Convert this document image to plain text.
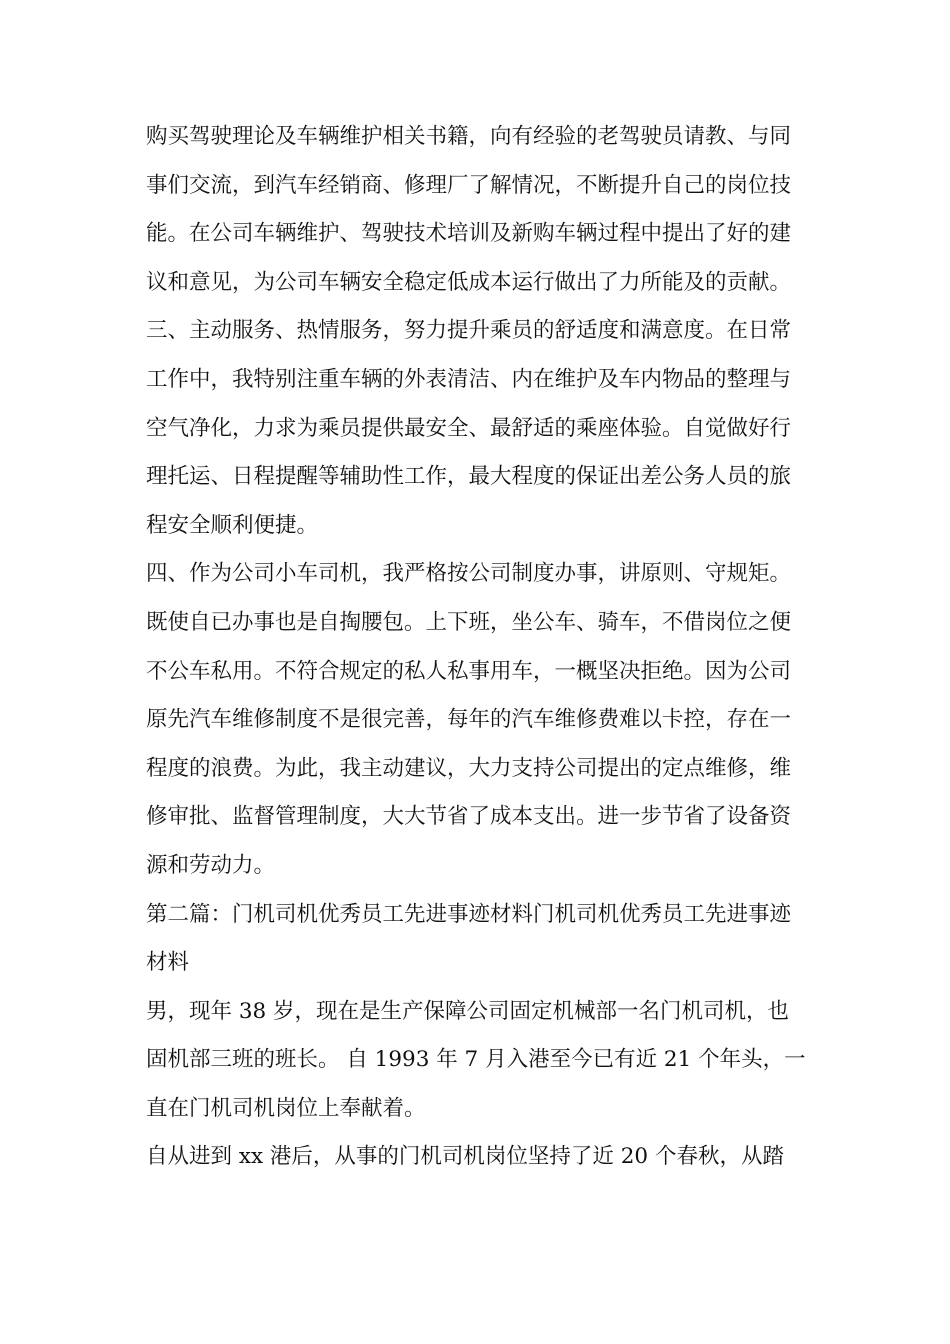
购买驾驶理论及车辆维护相关书籍，向有经验的老驾驶员请教、与同
事们交流，到汽车经销商、修理厂了解情况，不断提升自己的岗位技
能。在公司车辆维护、驾驶技术培训及新购车辆过程中提出了好的建
议和意见，为公司车辆安全稳定低成本运行做出了力所能及的贡献。
三、主动服务、热情服务，努力提升乘员的舒适度和满意度。在日常
工作中，我特别注重车辆的外表清洁、内在维护及车内物品的整理与
空气净化，力求为乘员提供最安全、最舒适的乘座体验。自觉做好行
理托运、日程提醒等辅助性工作，最大程度的保证出差公务人员的旅
程安全顺利便捷。
四、作为公司小车司机，我严格按公司制度办事，讲原则、守规矩。
既使自已办事也是自掏腰包。上下班，坐公车、骑车，不借岗位之便
不公车私用。不符合规定的私人私事用车，一概坚决拒绝。因为公司
原先汽车维修制度不是很完善，每年的汽车维修费难以卡控，存在一
程度的浪费。为此，我主动建议，大力支持公司提出的定点维修，维
修审批、监督管理制度，大大节省了成本支出。进一步节省了设备资
源和劳动力。
第二篇：门机司机优秀员工先进事迹材料门机司机优秀员工先进事迹
材料
男，现年 38 岁，现在是生产保障公司固定机械部一名门机司机，也
固机部三班的班长。 自 1993 年 7 月入港至今已有近 21 个年头，一
直在门机司机岗位上奉献着。
自从进到 xx 港后，从事的门机司机岗位坚持了近 20 个春秋，从踏
